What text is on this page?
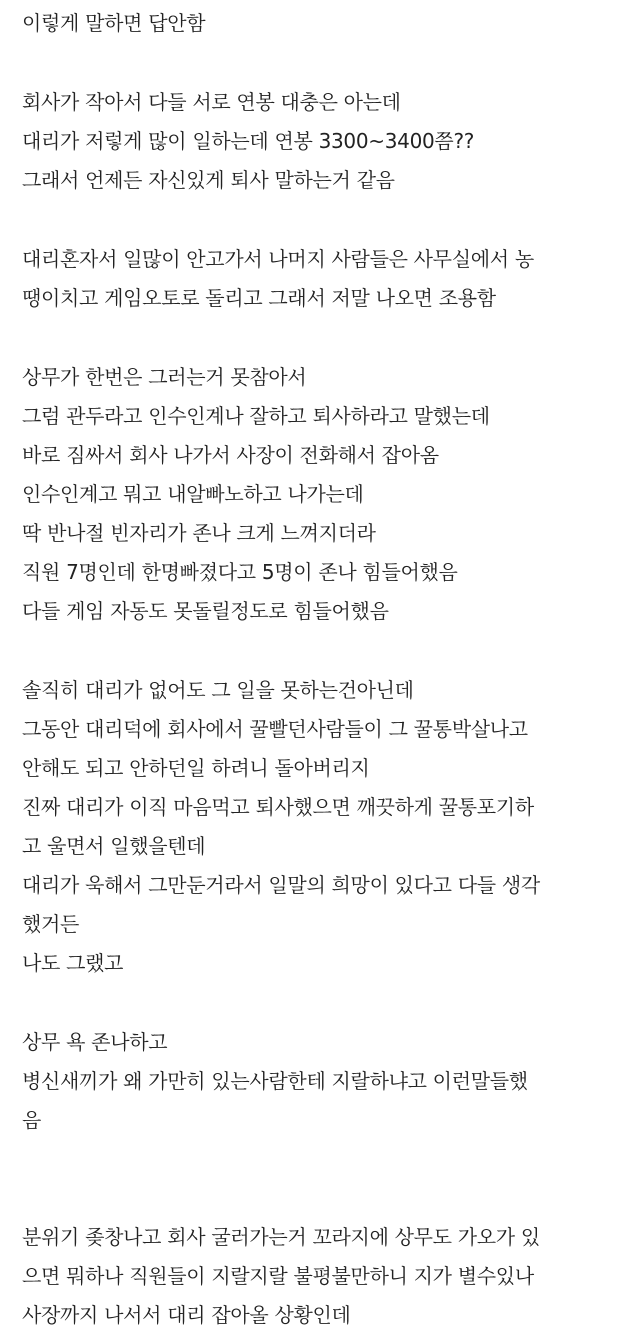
이렇게 말하면 답안함
회사가 작아서 다들 서로 연봉 대충은 아는데
대리가 저렇게 많이 일하는데 연봉 3300~3400쯤??
그래서 언제든 자신있게 퇴사 말하는거 같음
대리혼자서 일많이 안고가서 나머지 사람들은 사무실에서 농
땡이치고 게임오토로 돌리고 그래서 저말 나오면 조용함
상무가 한번은 그러는거 못참아서
그럼 관두라고 인수인계나 잘하고 퇴사하라고 말했는데
바로 짐싸서 회사 나가서 사장이 전화해서 잡아옴
인수인계고 뭐고 내알빠노하고 나가는데
딱 반나절 빈자리가 존나 크게 느껴지더라
직원 7명인데 한명빠졌다고 5명이 존나 힘들어했음
다들 게임 자동도 못돌릴정도로 힘들어했음
솔직히 대리가 없어도 그 일을 못하는건아닌데
그동안 대리덕에 회사에서 꿀빨던사람들이 그 꿀통박살나고
안해도 되고 안하던일 하려니 돌아버리지
진짜 대리가 이직 마음먹고 퇴사했으면 깨끗하게 꿀통포기하
고 울면서 일했을텐데
대리가 욱해서 그만둔거라서 일말의 희망이 있다고 다들 생각
했거든
나도 그랬고
상무 욕 존나하고
병신새끼가 왜 가만히 있는사람한테 지랄하냐고 이런말들했
음
분위기 좆창나고 회사 굴러가는거 꼬라지에 상무도 가오가 있
으면 뭐하나 직원들이 지랄지랄 불평불만하니 지가 별수있나
사장까지 나서서 대리 잡아올 상황인데
